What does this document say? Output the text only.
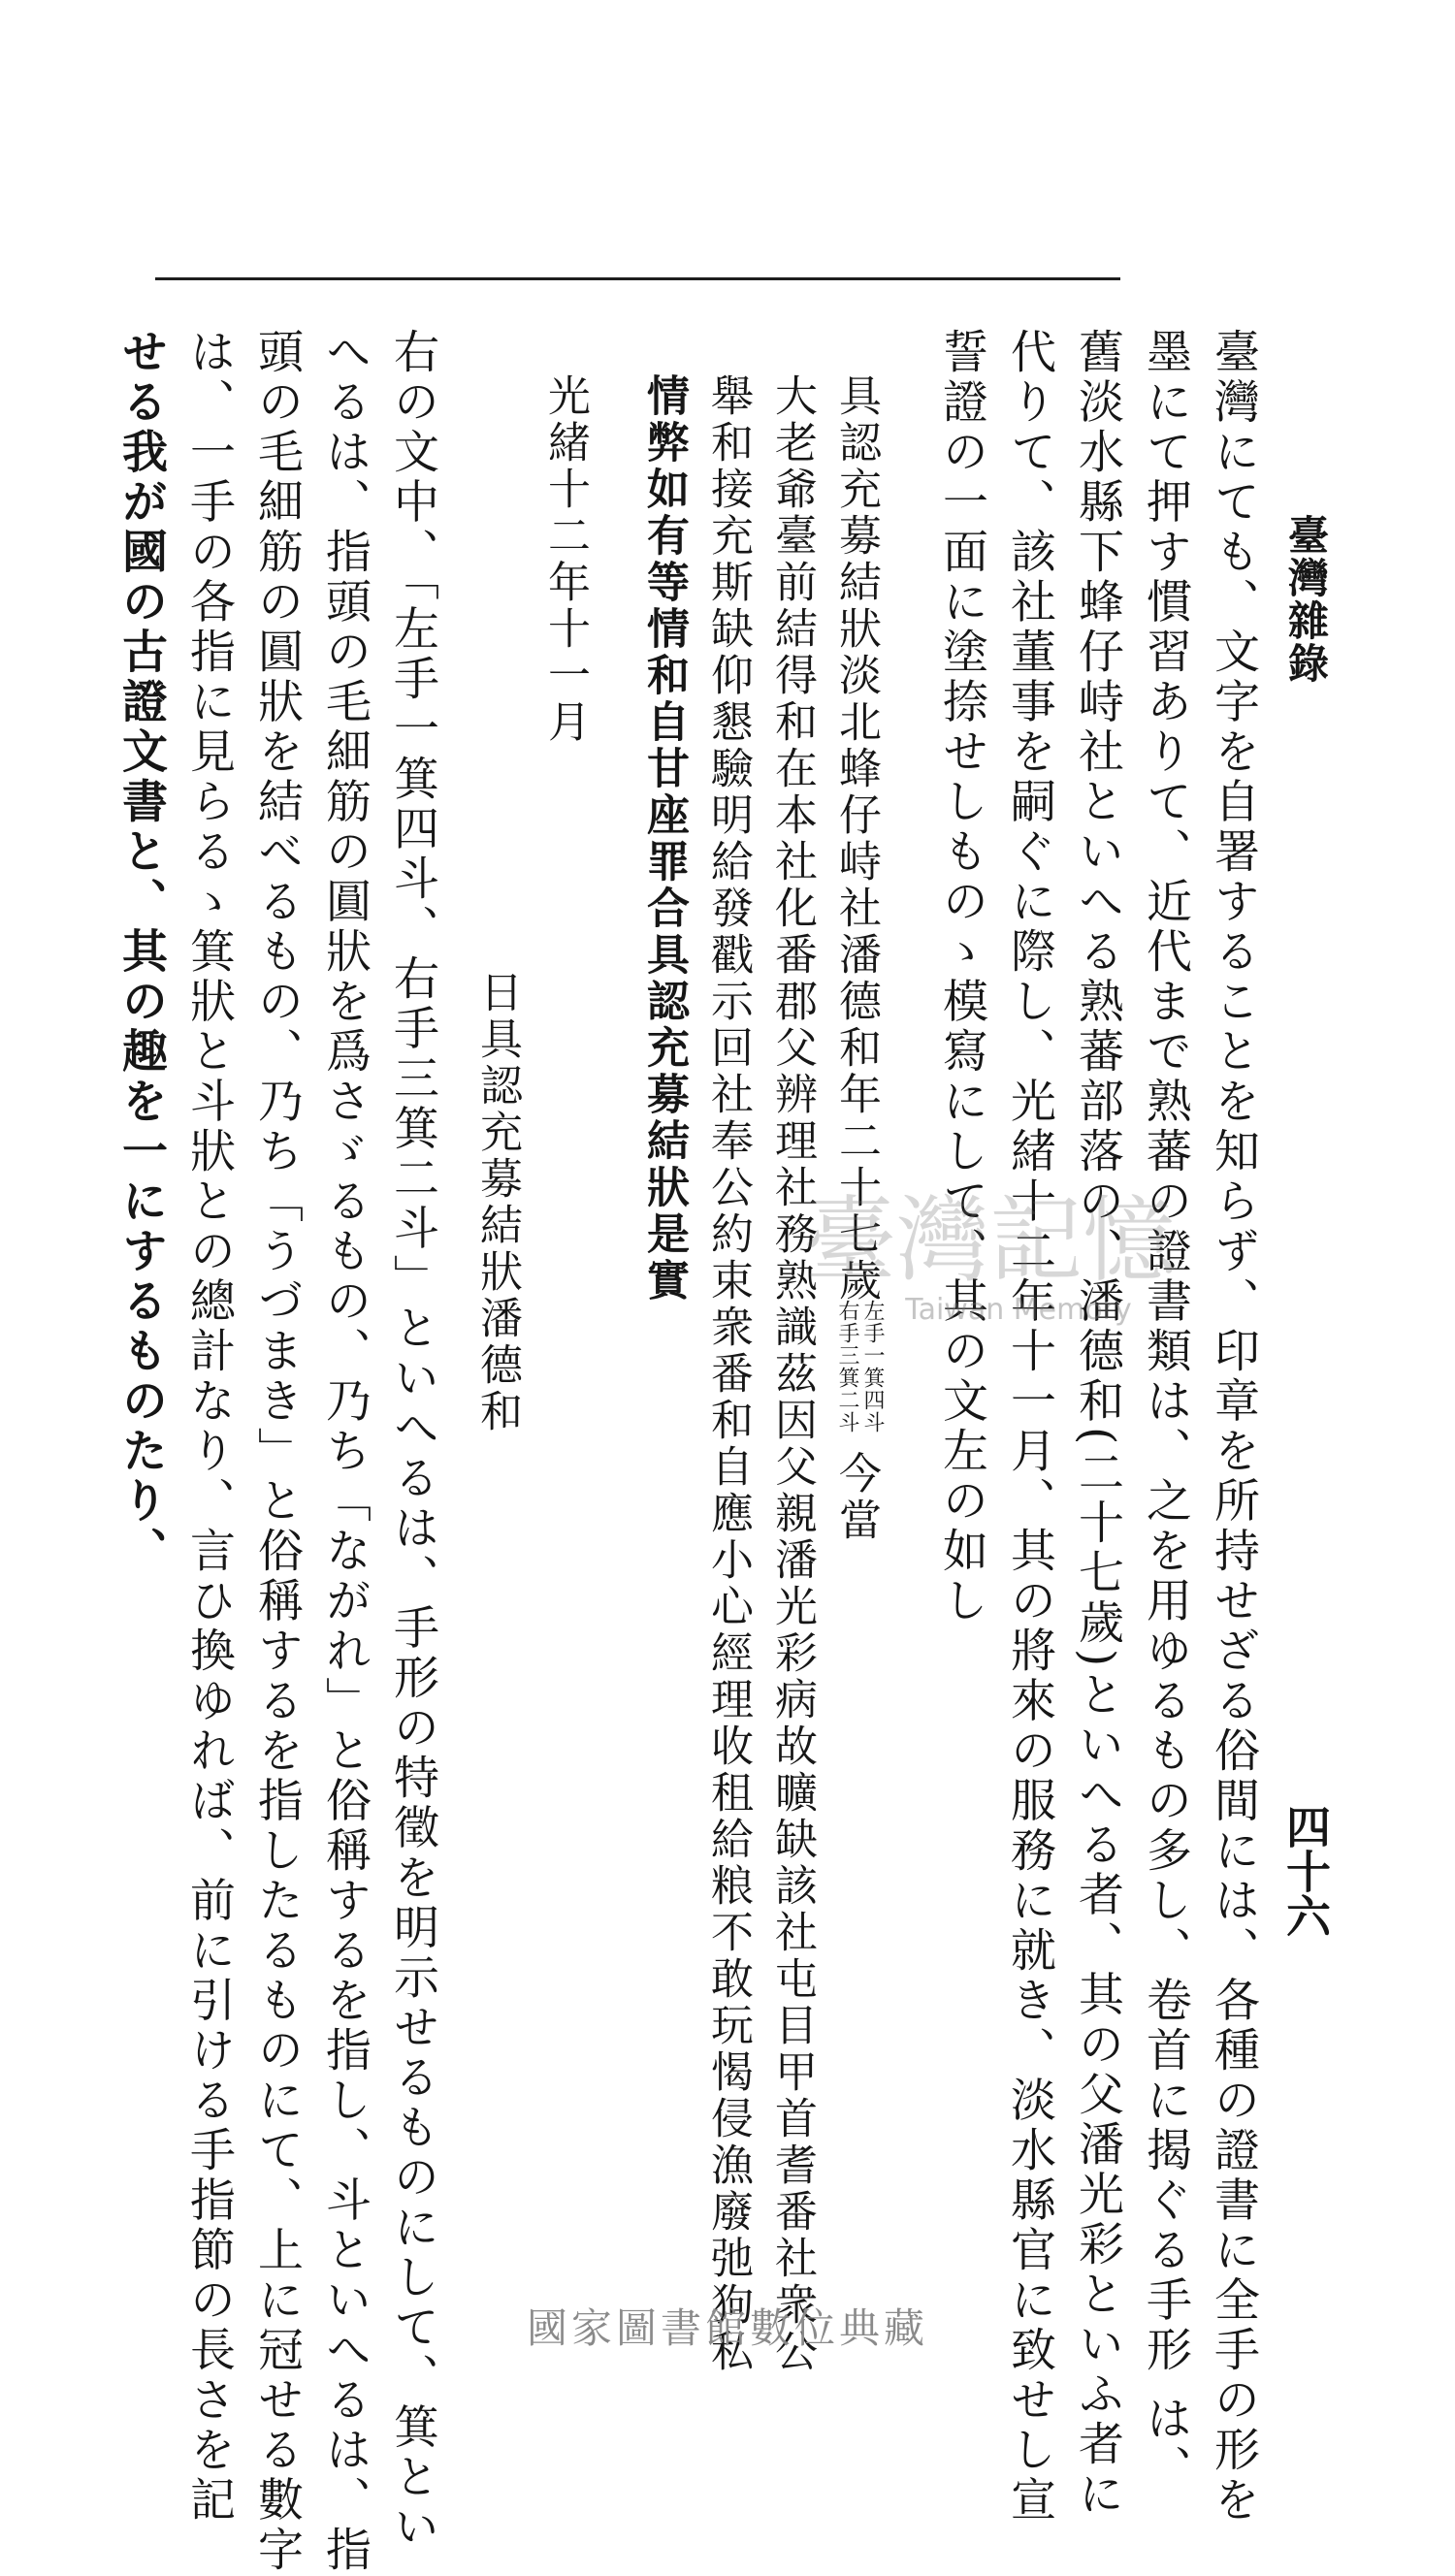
臺灣雜錄
四十六
臺灣にても、文字を自署することを知らず、印章を所持せざる俗間には、各種の證書に全手の形を
墨にて押す慣習ありて、近代まで熟蕃の證書類は、之を用ゆるもの多し、卷首に揭ぐる手形 は、
舊淡水縣下蜂仔峙社といへる熟蕃部落の、潘德和(二十七歲)といへる者、其の父潘光彩といふ者に
代りて、該社董事を嗣ぐに際し、光緒十二年十一月、其の將來の服務に就き、淡水縣官に致せし宣
誓證の一面に塗捺せしものゝ模寫にして、其の文左の如し
具認充募結狀淡北蜂仔峙社潘德和年二十七歲
左手一箕四斗
右手三箕二斗
今當
大老爺臺前結得和在本社化番郡父辨理社務熟識茲因父親潘光彩病故曠缺該社屯目甲首耆番社衆公
舉和接充斯缺仰懇驗明給發戳示回社奉公約束衆番和自應小心經理收租給粮不敢玩愒侵漁廢弛狗私
情弊如有等情和自甘座罪合具認充募結狀是實
光緒十二年十一月
日具認充募結狀潘德和
右の文中、「左手一箕四斗、右手三箕二斗」といへるは、手形の特徵を明示せるものにして、箕とい
へるは、指頭の毛細筋の圓狀を爲さゞるもの、乃ち「ながれ」と俗稱するを指し、斗といへるは、指
頭の毛細筋の圓狀を結べるもの、乃ち「うづまき」と俗稱するを指したるものにて、上に冠せる數字
は、一手の各指に見らるゝ箕狀と斗狀との總計なり、言ひ換ゆれば、前に引ける手指節の長さを記
せる我が國の古證文書と、其の趣を一にするものたり、	臺灣記憶
Taiwan Memory
國家圖書館數位典藏
